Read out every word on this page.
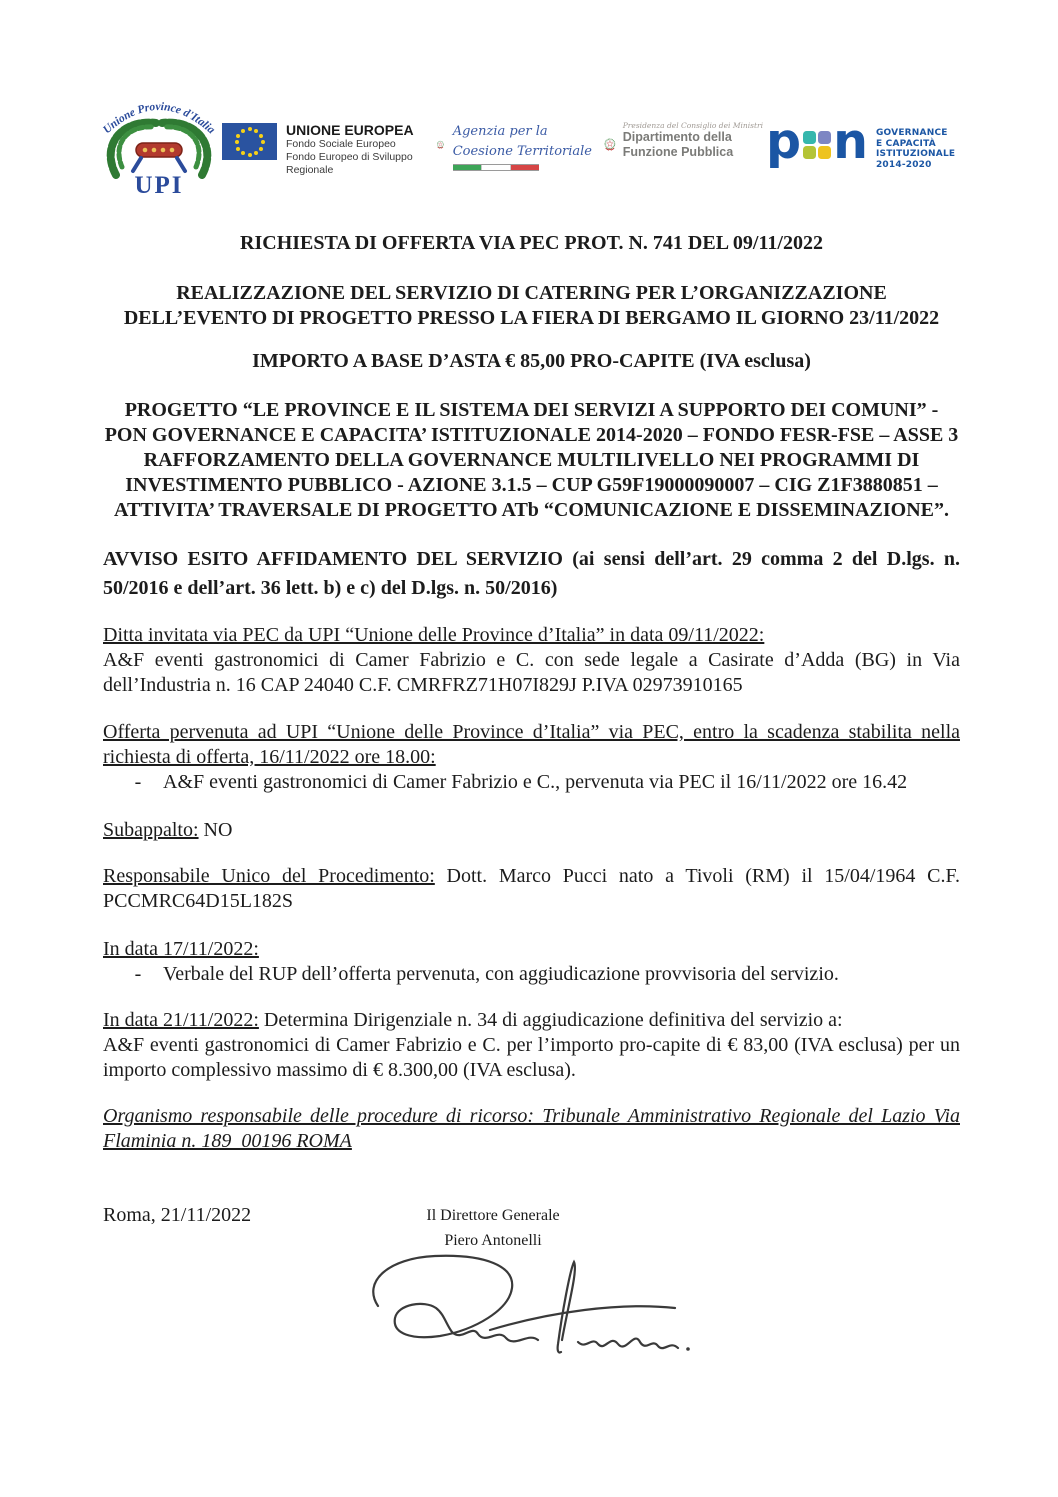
Unione Province d'Italia
UPI
UNIONE EUROPEA
Fondo Sociale Europeo
Fondo Europeo di Sviluppo Regionale
Agenzia per la
Coesione Territoriale
Presidenza del Consiglio dei Ministri
Dipartimento della
Funzione Pubblica p n GOVERNANCE
E CAPACITÀ
ISTITUZIONALE
2014-2020
RICHIESTA DI OFFERTA VIA PEC PROT. N. 741 DEL 09/11/2022
REALIZZAZIONE DEL SERVIZIO DI CATERING PER L’ORGANIZZAZIONE DELL’EVENTO DI PROGETTO PRESSO LA FIERA DI BERGAMO IL GIORNO 23/11/2022
IMPORTO A BASE D’ASTA € 85,00 PRO-CAPITE (IVA esclusa)
PROGETTO “LE PROVINCE E IL SISTEMA DEI SERVIZI A SUPPORTO DEI COMUNI” - PON GOVERNANCE E CAPACITA’ ISTITUZIONALE 2014-2020 – FONDO FESR-FSE – ASSE 3 RAFFORZAMENTO DELLA GOVERNANCE MULTILIVELLO NEI PROGRAMMI DI INVESTIMENTO PUBBLICO - AZIONE 3.1.5 – CUP G59F19000090007 – CIG Z1F3880851 – ATTIVITA’ TRAVERSALE DI PROGETTO ATb “COMUNICAZIONE E DISSEMINAZIONE”.
AVVISO ESITO AFFIDAMENTO DEL SERVIZIO (ai sensi dell’art. 29 comma 2 del D.lgs. n. 50/2016 e dell’art. 36 lett. b) e c) del D.lgs. n. 50/2016)
Ditta invitata via PEC da UPI “Unione delle Province d’Italia” in data 09/11/2022:
A&F eventi gastronomici di Camer Fabrizio e C. con sede legale a Casirate d’Adda (BG) in Via dell’Industria n. 16 CAP 24040 C.F. CMRFRZ71H07I829J P.IVA 02973910165
Offerta pervenuta ad UPI “Unione delle Province d’Italia” via PEC, entro la scadenza stabilita nella richiesta di offerta, 16/11/2022 ore 18.00:
- A&F eventi gastronomici di Camer Fabrizio e C., pervenuta via PEC il 16/11/2022 ore 16.42
Subappalto: NO
Responsabile Unico del Procedimento: Dott. Marco Pucci nato a Tivoli (RM) il 15/04/1964 C.F. PCCMRC64D15L182S
In data 17/11/2022:
- Verbale del RUP dell’offerta pervenuta, con aggiudicazione provvisoria del servizio.
In data 21/11/2022: Determina Dirigenziale n. 34 di aggiudicazione definitiva del servizio a:
A&F eventi gastronomici di Camer Fabrizio e C. per l’importo pro-capite di € 83,00 (IVA esclusa) per un importo complessivo massimo di € 8.300,00 (IVA esclusa).
Organismo responsabile delle procedure di ricorso: Tribunale Amministrativo Regionale del Lazio Via Flaminia n. 189  00196 ROMA
Roma, 21/11/2022	Il Direttore Generale
Piero Antonelli
